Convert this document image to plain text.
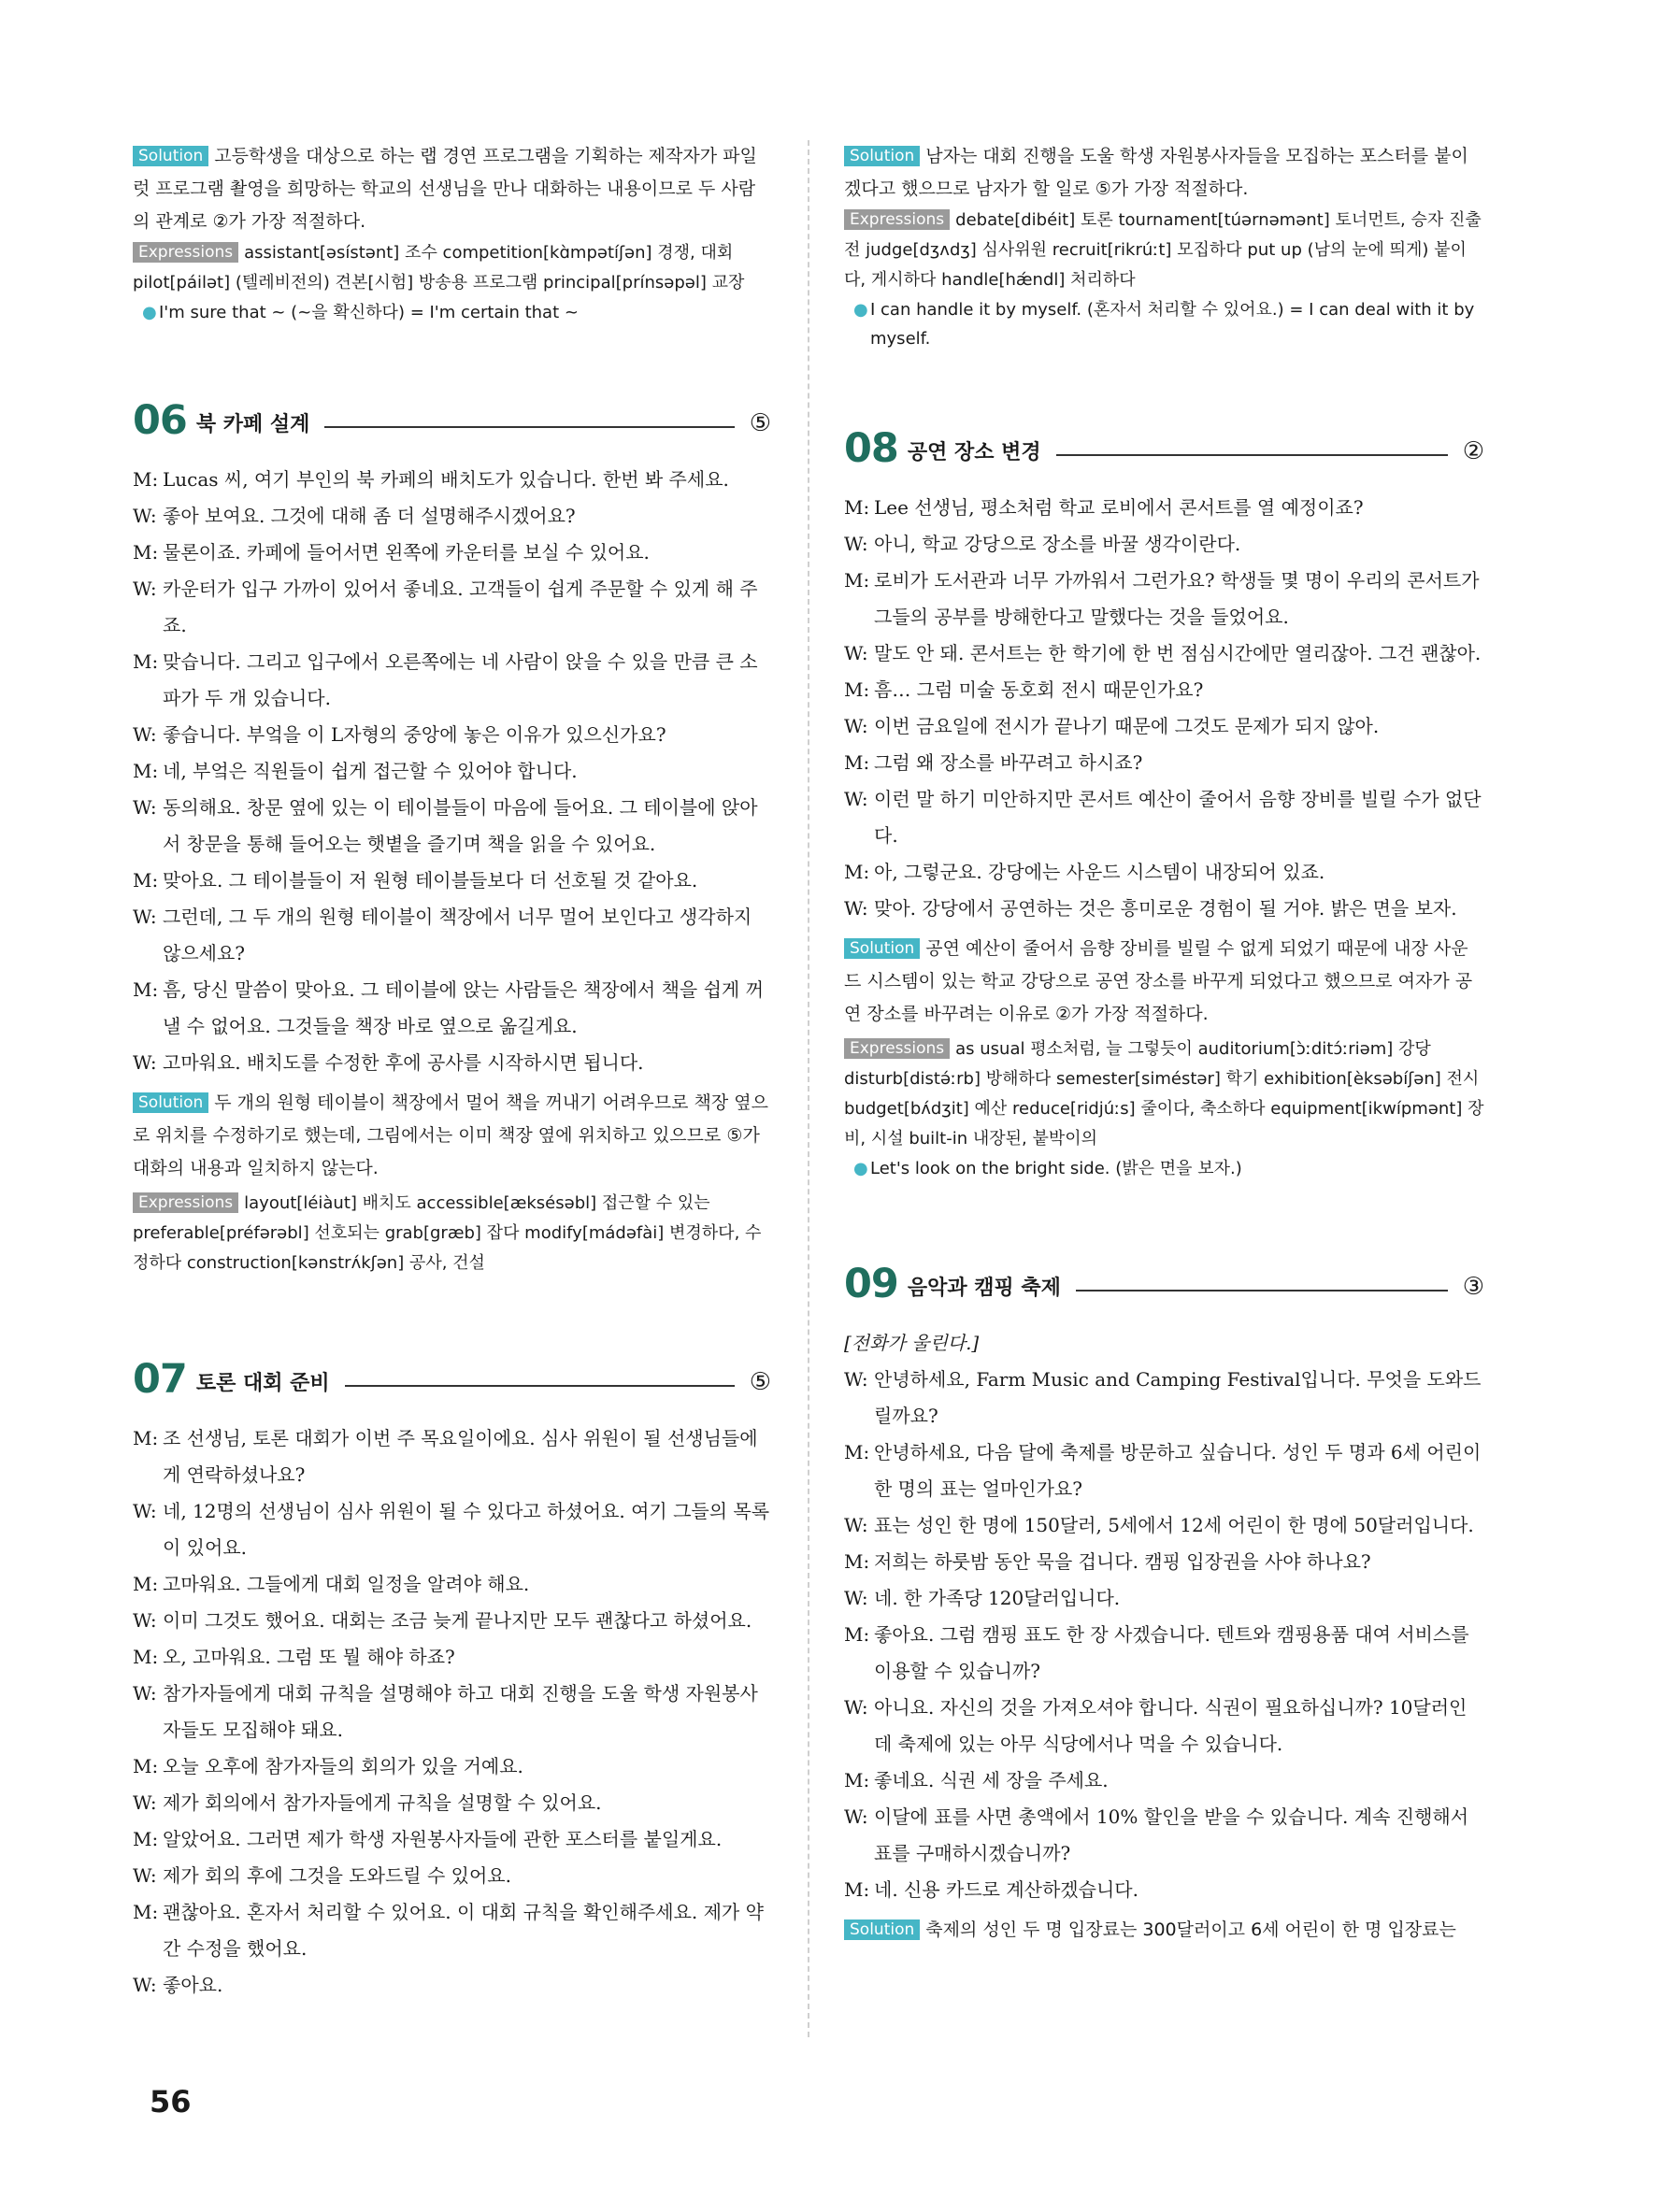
Solution 고등학생을 대상으로 하는 랩 경연 프로그램을 기획하는 제작자가 파일럿 프로그램 촬영을 희망하는 학교의 선생님을 만나 대화하는 내용이므로 두 사람의 관계로 ②가 가장 적절하다.

Expressions assistant[əsístənt] 조수 competition[kɑ̀mpətíʃən] 경쟁, 대회 pilot[páilət] (텔레비전의) 견본[시험] 방송용 프로그램 principal[prínsəpəl] 교장

● I'm sure that ~ (~을 확신하다) = I'm certain that ~

06 북 카페 설계	⑤

M: Lucas 씨, 여기 부인의 북 카페의 배치도가 있습니다. 한번 봐 주세요.

W: 좋아 보여요. 그것에 대해 좀 더 설명해주시겠어요?

M: 물론이죠. 카페에 들어서면 왼쪽에 카운터를 보실 수 있어요.

W: 카운터가 입구 가까이 있어서 좋네요. 고객들이 쉽게 주문할 수 있게 해 주죠.

M: 맞습니다. 그리고 입구에서 오른쪽에는 네 사람이 앉을 수 있을 만큼 큰 소파가 두 개 있습니다.

W: 좋습니다. 부엌을 이 L자형의 중앙에 놓은 이유가 있으신가요?

M: 네, 부엌은 직원들이 쉽게 접근할 수 있어야 합니다.

W: 동의해요. 창문 옆에 있는 이 테이블들이 마음에 들어요. 그 테이블에 앉아서 창문을 통해 들어오는 햇볕을 즐기며 책을 읽을 수 있어요.

M: 맞아요. 그 테이블들이 저 원형 테이블들보다 더 선호될 것 같아요.

W: 그런데, 그 두 개의 원형 테이블이 책장에서 너무 멀어 보인다고 생각하지 않으세요?

M: 흠, 당신 말씀이 맞아요. 그 테이블에 앉는 사람들은 책장에서 책을 쉽게 꺼낼 수 없어요. 그것들을 책장 바로 옆으로 옮길게요.

W: 고마워요. 배치도를 수정한 후에 공사를 시작하시면 됩니다.

Solution 두 개의 원형 테이블이 책장에서 멀어 책을 꺼내기 어려우므로 책장 옆으로 위치를 수정하기로 했는데, 그림에서는 이미 책장 옆에 위치하고 있으므로 ⑤가 대화의 내용과 일치하지 않는다.

Expressions layout[léiàut] 배치도 accessible[æksésəbl] 접근할 수 있는 preferable[préfərəbl] 선호되는 grab[græb] 잡다 modify[mádəfài] 변경하다, 수정하다 construction[kənstrʌ́kʃən] 공사, 건설

07 토론 대회 준비	⑤

M: 조 선생님, 토론 대회가 이번 주 목요일이에요. 심사 위원이 될 선생님들에게 연락하셨나요?

W: 네, 12명의 선생님이 심사 위원이 될 수 있다고 하셨어요. 여기 그들의 목록이 있어요.

M: 고마워요. 그들에게 대회 일정을 알려야 해요.

W: 이미 그것도 했어요. 대회는 조금 늦게 끝나지만 모두 괜찮다고 하셨어요.

M: 오, 고마워요. 그럼 또 뭘 해야 하죠?

W: 참가자들에게 대회 규칙을 설명해야 하고 대회 진행을 도울 학생 자원봉사자들도 모집해야 돼요.

M: 오늘 오후에 참가자들의 회의가 있을 거예요.

W: 제가 회의에서 참가자들에게 규칙을 설명할 수 있어요.

M: 알았어요. 그러면 제가 학생 자원봉사자들에 관한 포스터를 붙일게요.

W: 제가 회의 후에 그것을 도와드릴 수 있어요.

M: 괜찮아요. 혼자서 처리할 수 있어요. 이 대회 규칙을 확인해주세요. 제가 약간 수정을 했어요.

W: 좋아요.

Solution 남자는 대회 진행을 도울 학생 자원봉사자들을 모집하는 포스터를 붙이겠다고 했으므로 남자가 할 일로 ⑤가 가장 적절하다.

Expressions debate[dibéit] 토론 tournament[túərnəmənt] 토너먼트, 승자 진출전 judge[dʒʌdʒ] 심사위원 recruit[rikrúːt] 모집하다 put up (남의 눈에 띄게) 붙이다, 게시하다 handle[hǽndl] 처리하다

● I can handle it by myself. (혼자서 처리할 수 있어요.) = I can deal with it by myself.

08 공연 장소 변경	②

M: Lee 선생님, 평소처럼 학교 로비에서 콘서트를 열 예정이죠?

W: 아니, 학교 강당으로 장소를 바꿀 생각이란다.

M: 로비가 도서관과 너무 가까워서 그런가요? 학생들 몇 명이 우리의 콘서트가 그들의 공부를 방해한다고 말했다는 것을 들었어요.

W: 말도 안 돼. 콘서트는 한 학기에 한 번 점심시간에만 열리잖아. 그건 괜찮아.

M: 흠… 그럼 미술 동호회 전시 때문인가요?

W: 이번 금요일에 전시가 끝나기 때문에 그것도 문제가 되지 않아.

M: 그럼 왜 장소를 바꾸려고 하시죠?

W: 이런 말 하기 미안하지만 콘서트 예산이 줄어서 음향 장비를 빌릴 수가 없단다.

M: 아, 그렇군요. 강당에는 사운드 시스템이 내장되어 있죠.

W: 맞아. 강당에서 공연하는 것은 흥미로운 경험이 될 거야. 밝은 면을 보자.

Solution 공연 예산이 줄어서 음향 장비를 빌릴 수 없게 되었기 때문에 내장 사운드 시스템이 있는 학교 강당으로 공연 장소를 바꾸게 되었다고 했으므로 여자가 공연 장소를 바꾸려는 이유로 ②가 가장 적절하다.

Expressions as usual 평소처럼, 늘 그렇듯이 auditorium[ɔ̀ːditɔ́ːriəm] 강당 disturb[distə́ːrb] 방해하다 semester[siméstər] 학기 exhibition[èksəbíʃən] 전시 budget[bʌ́dʒit] 예산 reduce[ridjúːs] 줄이다, 축소하다 equipment[ikwípmənt] 장비, 시설 built-in 내장된, 붙박이의

● Let's look on the bright side. (밝은 면을 보자.)

09 음악과 캠핑 축제	③

[전화가 울린다.]

W: 안녕하세요, Farm Music and Camping Festival입니다. 무엇을 도와드릴까요?

M: 안녕하세요, 다음 달에 축제를 방문하고 싶습니다. 성인 두 명과 6세 어린이 한 명의 표는 얼마인가요?

W: 표는 성인 한 명에 150달러, 5세에서 12세 어린이 한 명에 50달러입니다.

M: 저희는 하룻밤 동안 묵을 겁니다. 캠핑 입장권을 사야 하나요?

W: 네. 한 가족당 120달러입니다.

M: 좋아요. 그럼 캠핑 표도 한 장 사겠습니다. 텐트와 캠핑용품 대여 서비스를 이용할 수 있습니까?

W: 아니요. 자신의 것을 가져오셔야 합니다. 식권이 필요하십니까? 10달러인데 축제에 있는 아무 식당에서나 먹을 수 있습니다.

M: 좋네요. 식권 세 장을 주세요.

W: 이달에 표를 사면 총액에서 10% 할인을 받을 수 있습니다. 계속 진행해서 표를 구매하시겠습니까?

M: 네. 신용 카드로 계산하겠습니다.

Solution 축제의 성인 두 명 입장료는 300달러이고 6세 어린이 한 명 입장료는

56
